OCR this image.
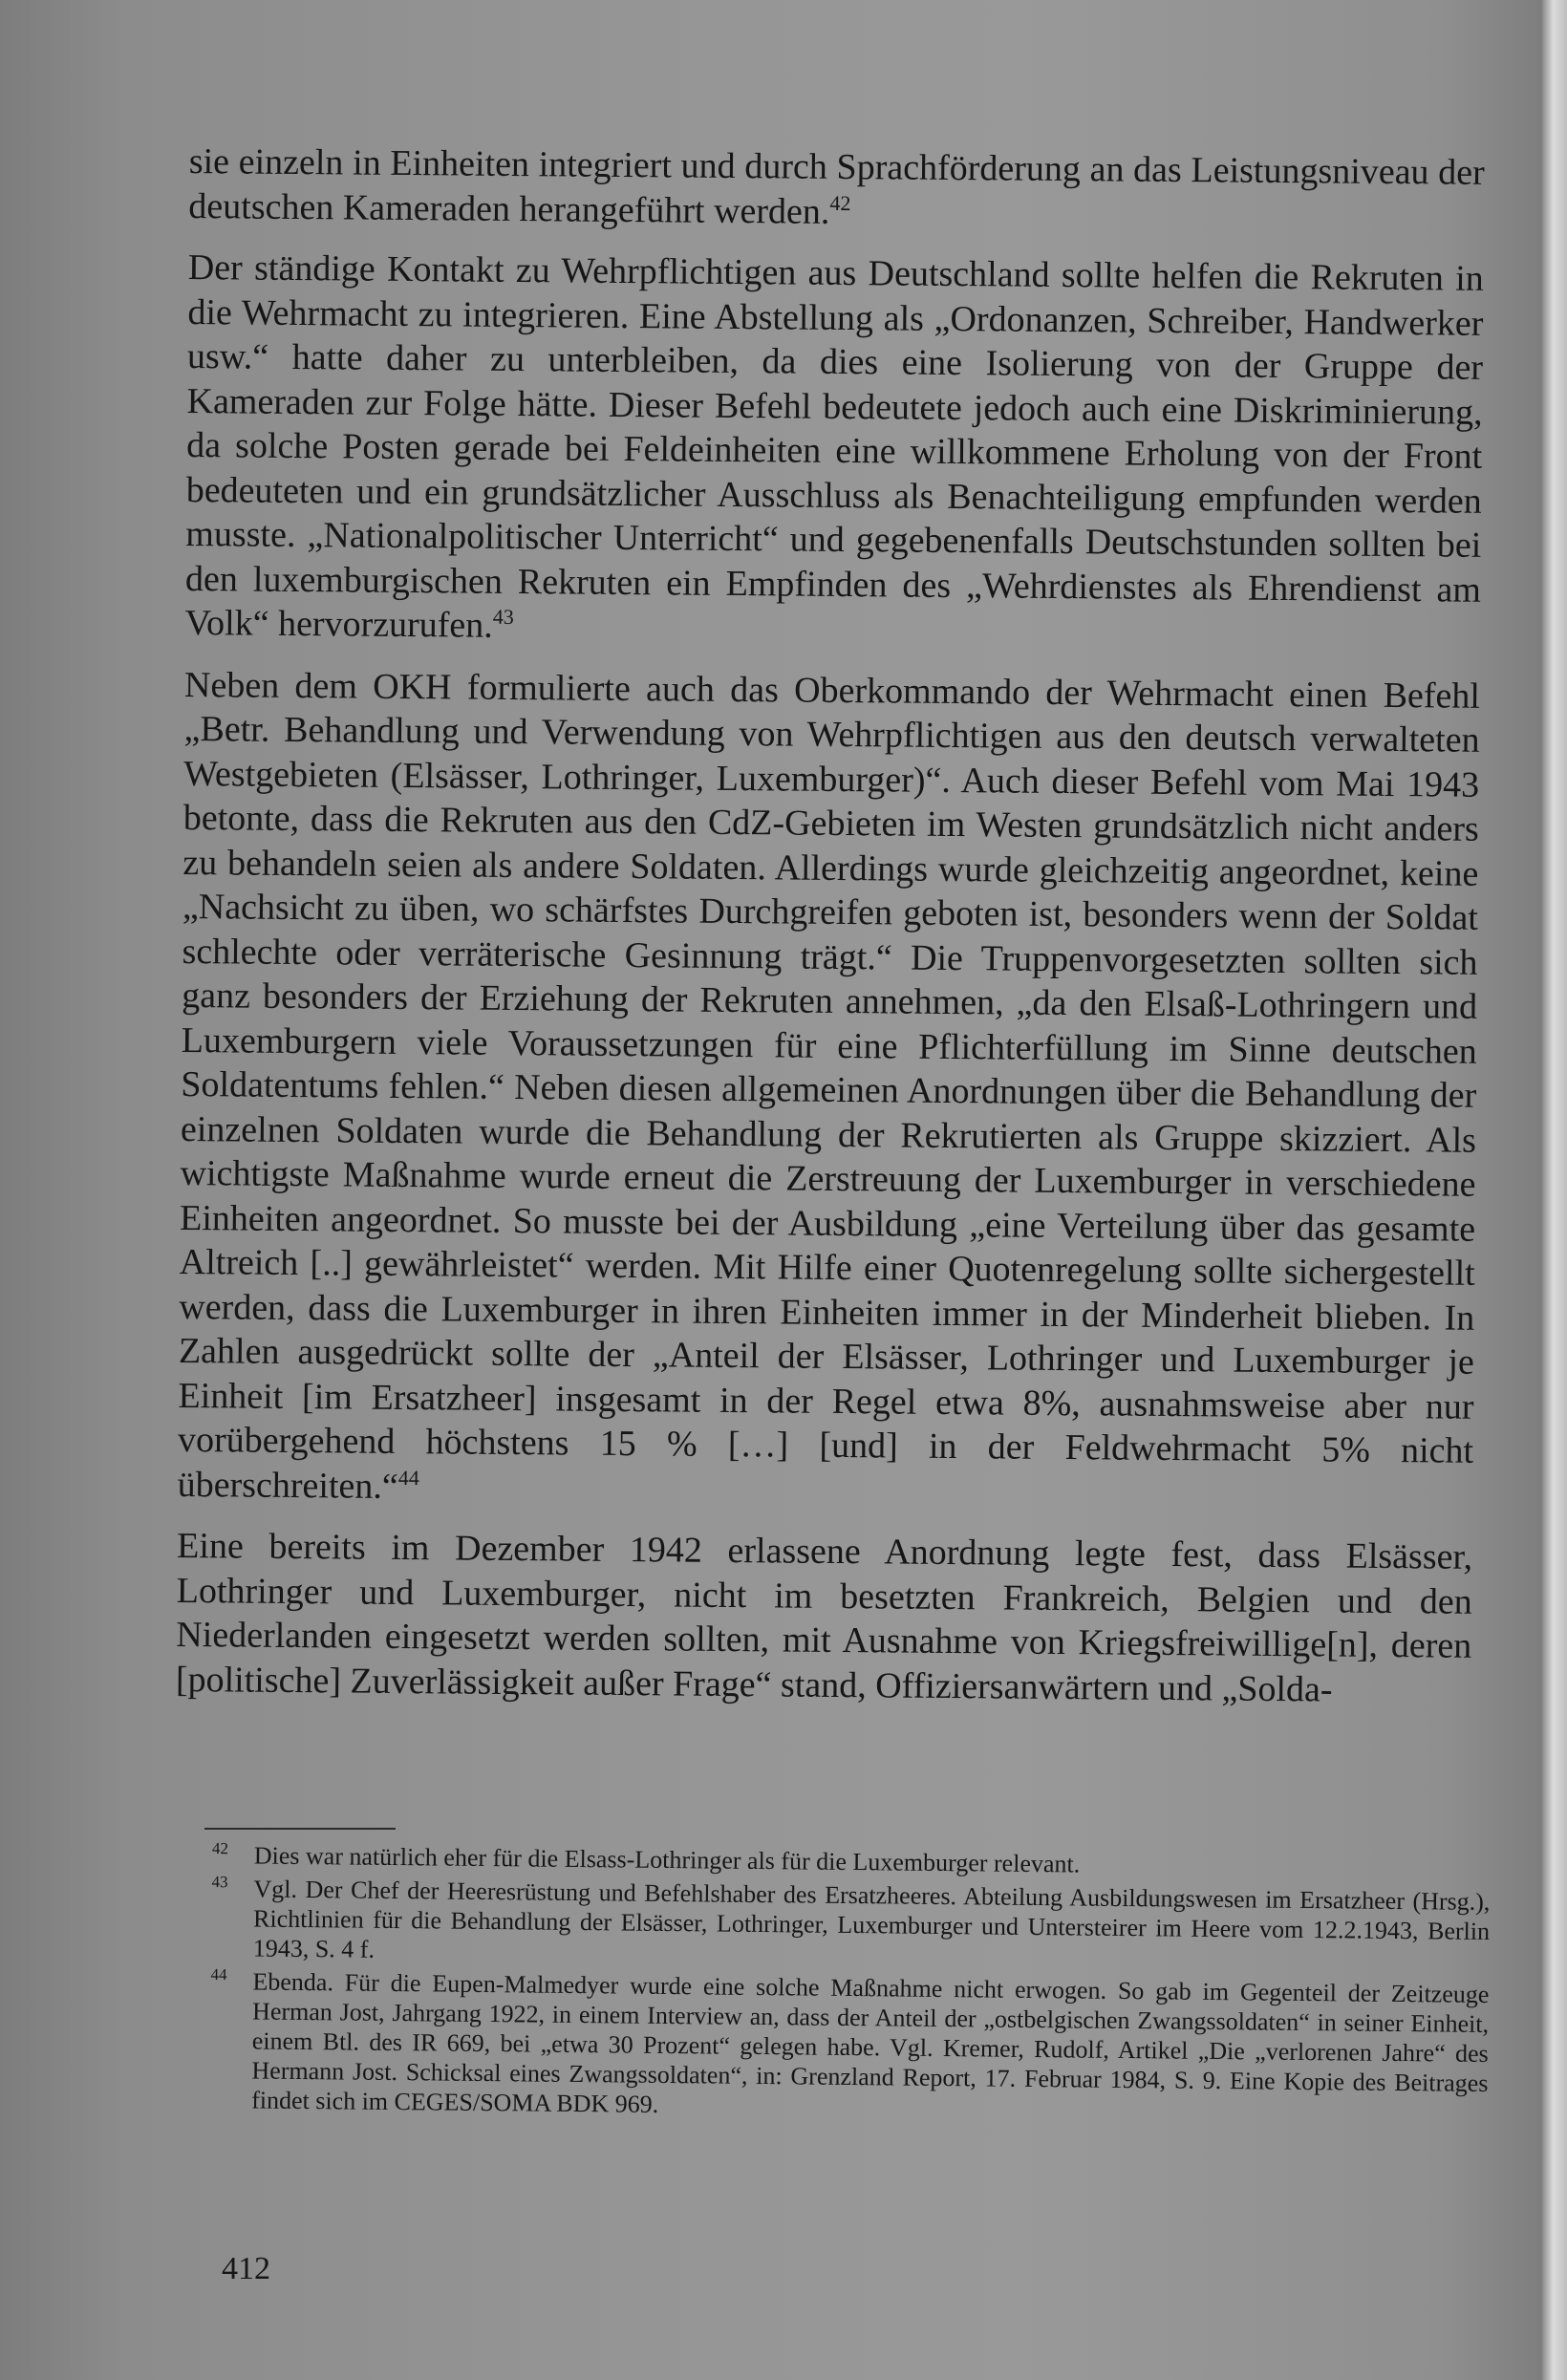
sie einzeln in Einheiten integriert und durch Sprachförderung an das Leistungsniveau der deutschen Kameraden herangeführt werden.$^{42}$

Der ständige Kontakt zu Wehrpflichtigen aus Deutschland sollte helfen die Rekruten in die Wehrmacht zu integrieren. Eine Abstellung als „Ordonanzen, Schreiber, Handwerker usw.“ hatte daher zu unterbleiben, da dies eine Isolierung von der Gruppe der Kameraden zur Folge hätte. Dieser Befehl bedeutete jedoch auch eine Diskriminierung, da solche Posten gerade bei Feldeinheiten eine willkommene Erholung von der Front bedeuteten und ein grundsätzlicher Ausschluss als Benachteiligung empfunden werden musste. „Nationalpolitischer Unterricht“ und gegebenenfalls Deutschstunden sollten bei den luxemburgischen Rekruten ein Empfinden des „Wehrdienstes als Ehrendienst am Volk“ hervorzurufen.$^{43}$

Neben dem OKH formulierte auch das Oberkommando der Wehrmacht einen Befehl „Betr. Behandlung und Verwendung von Wehrpflichtigen aus den deutsch verwalteten Westgebieten (Elsässer, Lothringer, Luxemburger)“. Auch dieser Befehl vom Mai 1943 betonte, dass die Rekruten aus den CdZ-Gebieten im Westen grundsätzlich nicht anders zu behandeln seien als andere Soldaten. Allerdings wurde gleichzeitig angeordnet, keine „Nachsicht zu üben, wo schärfstes Durchgreifen geboten ist, besonders wenn der Soldat schlechte oder verräterische Gesinnung trägt.“ Die Truppenvorgesetzten sollten sich ganz besonders der Erziehung der Rekruten annehmen, „da den Elsaß-Lothringern und Luxemburgern viele Voraussetzungen für eine Pflichterfüllung im Sinne deutschen Soldatentums fehlen.“ Neben diesen allgemeinen Anordnungen über die Behandlung der einzelnen Soldaten wurde die Behandlung der Rekrutierten als Gruppe skizziert. Als wichtigste Maßnahme wurde erneut die Zerstreuung der Luxemburger in verschiedene Einheiten angeordnet. So musste bei der Ausbildung „eine Verteilung über das gesamte Altreich [..] gewährleistet“ werden. Mit Hilfe einer Quotenregelung sollte sichergestellt werden, dass die Luxemburger in ihren Einheiten immer in der Minderheit blieben. In Zahlen ausgedrückt sollte der „Anteil der Elsässer, Lothringer und Luxemburger je Einheit [im Ersatzheer] insgesamt in der Regel etwa 8%, ausnahmsweise aber nur vorübergehend höchstens 15 % […] [und] in der Feldwehrmacht 5% nicht überschreiten.“$^{44}$

Eine bereits im Dezember 1942 erlassene Anordnung legte fest, dass Elsässer, Lothringer und Luxemburger, nicht im besetzten Frankreich, Belgien und den Niederlanden eingesetzt werden sollten, mit Ausnahme von Kriegsfreiwillige[n], deren [politische] Zuverlässigkeit außer Frage“ stand, Offiziersanwärtern und „Solda-

42 Dies war natürlich eher für die Elsass-Lothringer als für die Luxemburger relevant.

43 Vgl. Der Chef der Heeresrüstung und Befehlshaber des Ersatzheeres. Abteilung Ausbildungswesen im Ersatzheer (Hrsg.), Richtlinien für die Behandlung der Elsässer, Lothringer, Luxemburger und Untersteirer im Heere vom 12.2.1943, Berlin 1943, S. 4 f.

44 Ebenda. Für die Eupen-Malmedyer wurde eine solche Maßnahme nicht erwogen. So gab im Gegenteil der Zeitzeuge Herman Jost, Jahrgang 1922, in einem Interview an, dass der Anteil der „ostbelgischen Zwangssoldaten“ in seiner Einheit, einem Btl. des IR 669, bei „etwa 30 Prozent“ gelegen habe. Vgl. Kremer, Rudolf, Artikel „Die „verlorenen Jahre“ des Hermann Jost. Schicksal eines Zwangssoldaten“, in: Grenzland Report, 17. Februar 1984, S. 9. Eine Kopie des Beitrages findet sich im CEGES/SOMA BDK 969.

412
